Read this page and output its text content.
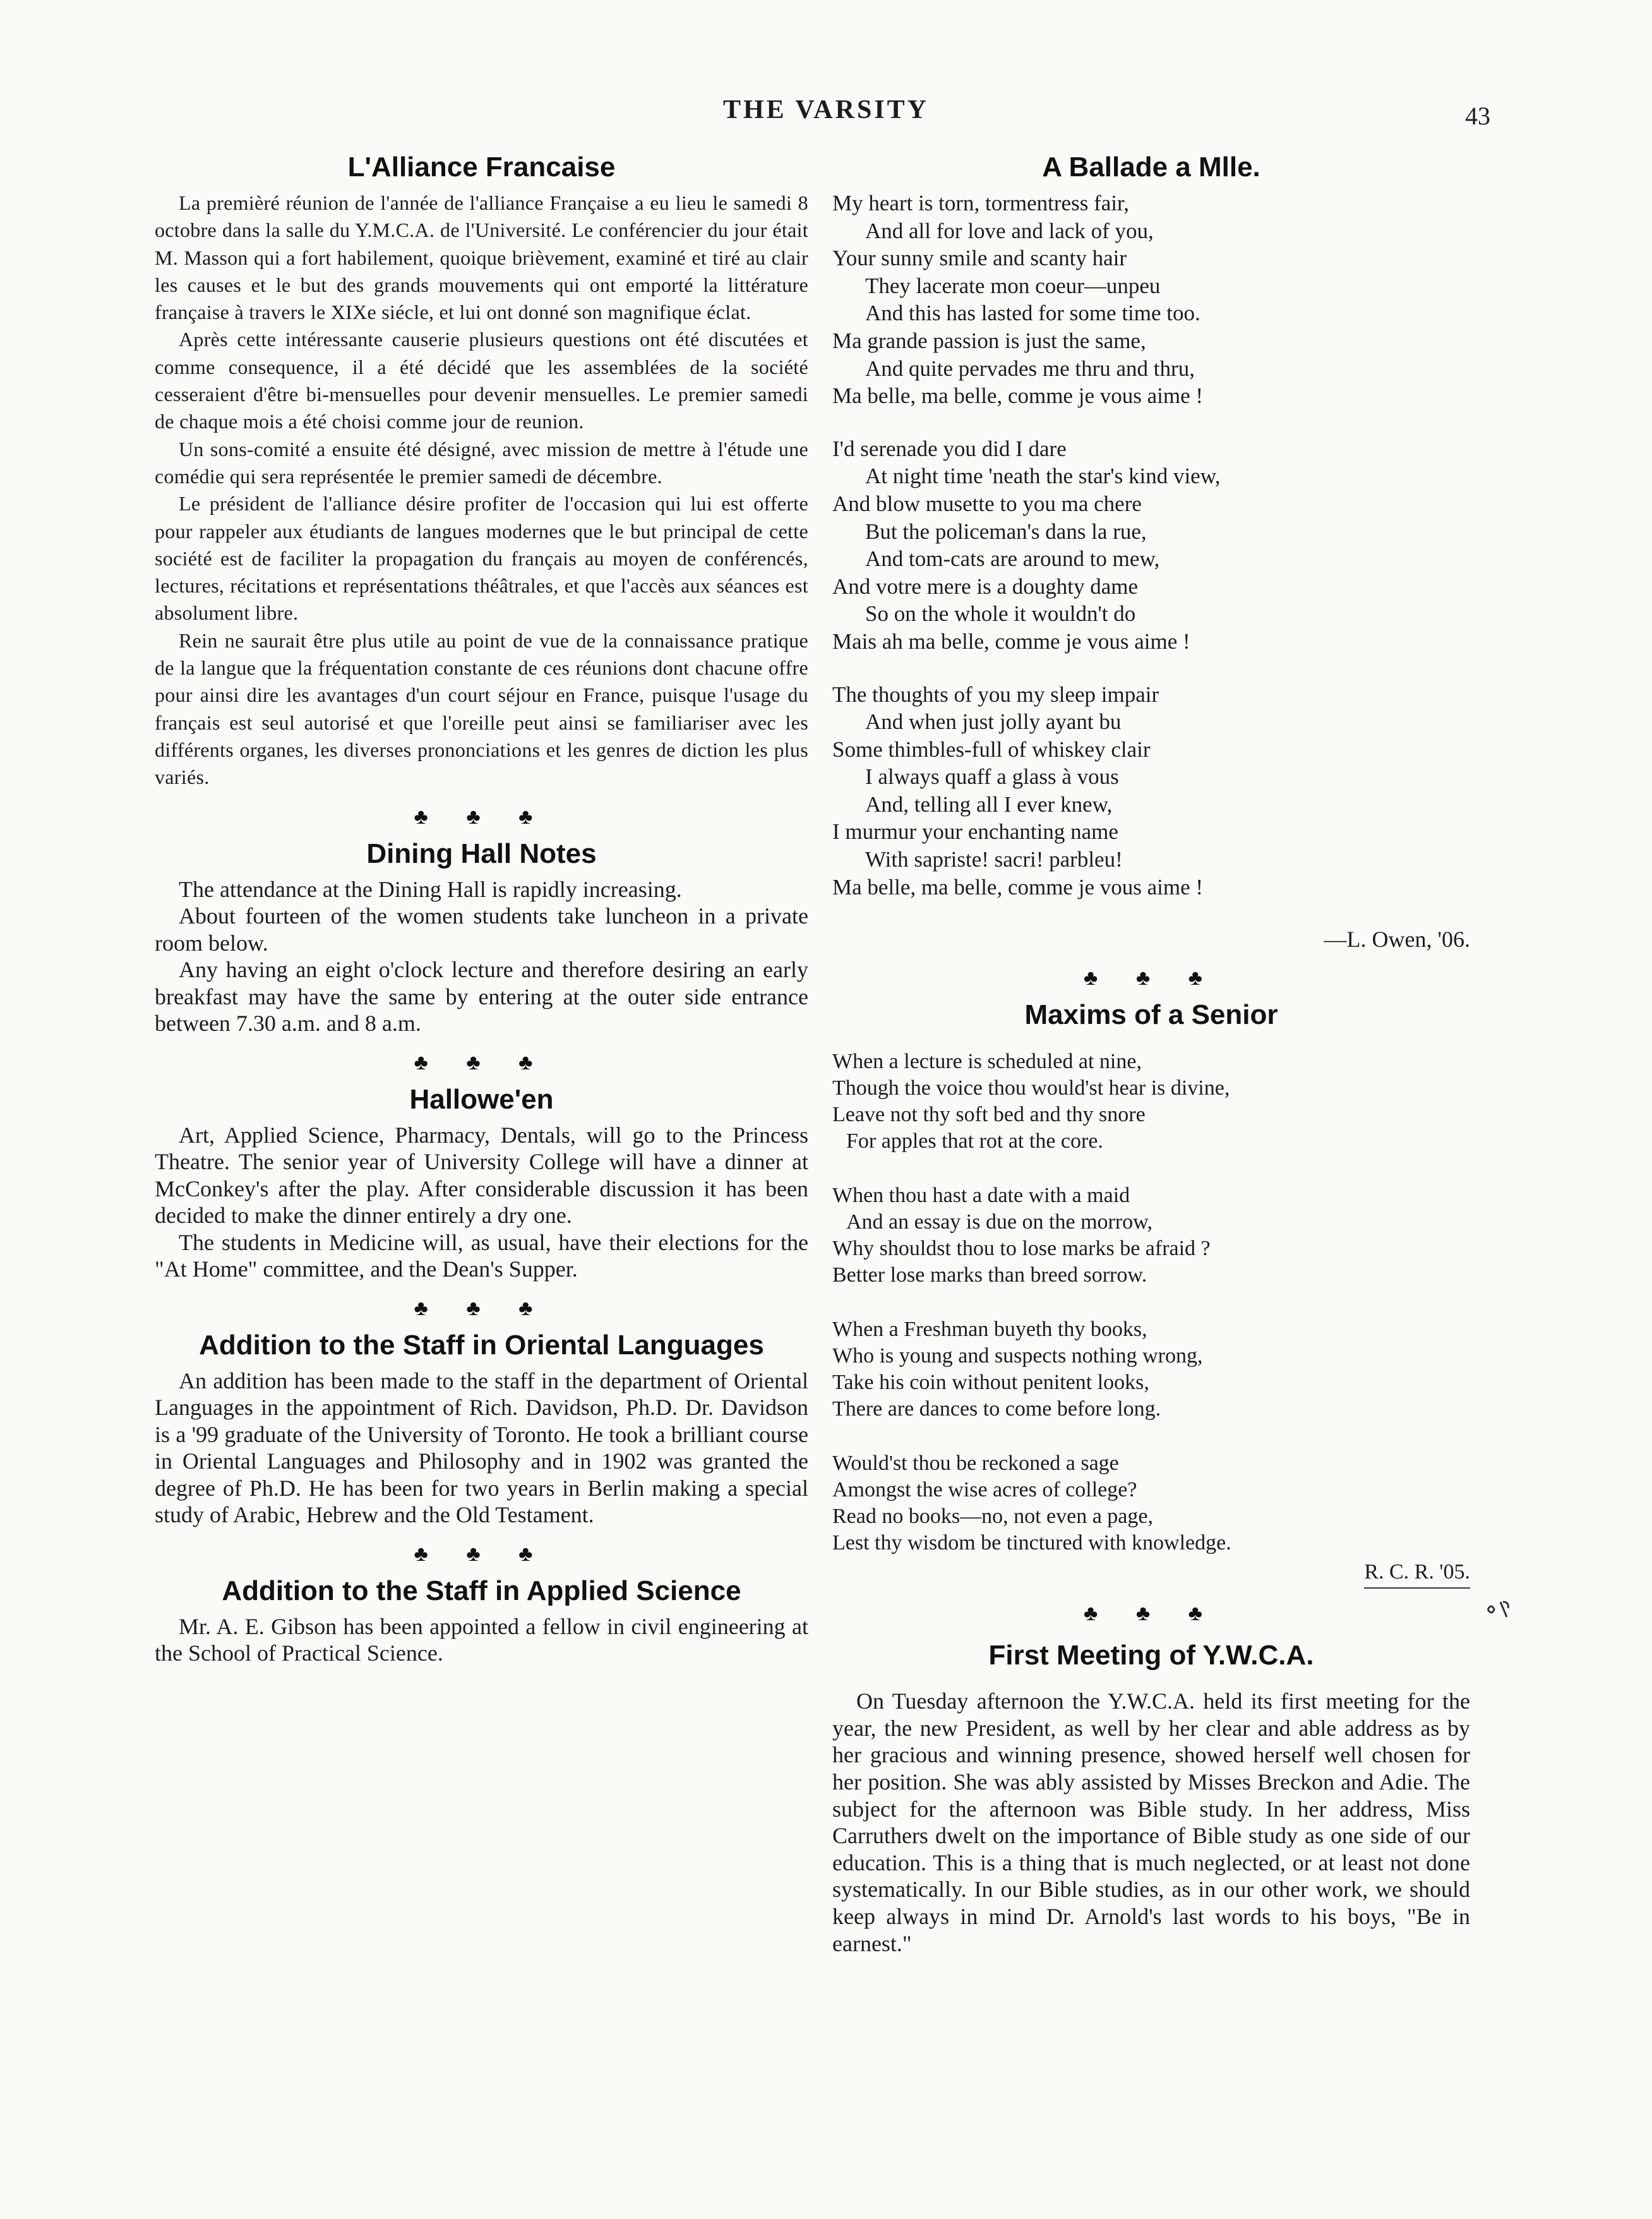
THE VARSITY	43
L'Alliance Francaise

La premièré réunion de l'année de l'alliance Française a eu lieu le samedi 8 octobre dans la salle du Y.M.C.A. de l'Université. Le conférencier du jour était M. Masson qui a fort habilement, quoique brièvement, examiné et tiré au clair les causes et le but des grands mouvements qui ont emporté la littérature française à travers le XIXe siécle, et lui ont donné son magnifique éclat.

Après cette intéressante causerie plusieurs questions ont été discutées et comme consequence, il a été décidé que les assemblées de la société cesseraient d'être bi-mensuelles pour devenir mensuelles. Le premier samedi de chaque mois a été choisi comme jour de reunion.

Un sons-comité a ensuite été désigné, avec mission de mettre à l'étude une comédie qui sera représentée le premier samedi de décembre.

Le président de l'alliance désire profiter de l'occasion qui lui est offerte pour rappeler aux étudiants de langues modernes que le but principal de cette société est de faciliter la propagation du français au moyen de conférencés, lectures, récitations et représentations théâtrales, et que l'accès aux séances est absolument libre.

Rein ne saurait être plus utile au point de vue de la connaissance pratique de la langue que la fréquentation constante de ces réunions dont chacune offre pour ainsi dire les avantages d'un court séjour en France, puisque l'usage du français est seul autorisé et que l'oreille peut ainsi se familiariser avec les différents organes, les diverses prononciations et les genres de diction les plus variés.

♣ ♣ ♣
Dining Hall Notes

The attendance at the Dining Hall is rapidly increasing.

About fourteen of the women students take luncheon in a private room below.

Any having an eight o'clock lecture and therefore desiring an early breakfast may have the same by entering at the outer side entrance between 7.30 a.m. and 8 a.m.

♣ ♣ ♣
Hallowe'en

Art, Applied Science, Pharmacy, Dentals, will go to the Princess Theatre. The senior year of University College will have a dinner at McConkey's after the play. After considerable discussion it has been decided to make the dinner entirely a dry one.

The students in Medicine will, as usual, have their elections for the "At Home" committee, and the Dean's Supper.

♣ ♣ ♣
Addition to the Staff in Oriental Languages

An addition has been made to the staff in the department of Oriental Languages in the appointment of Rich. Davidson, Ph.D. Dr. Davidson is a '99 graduate of the University of Toronto. He took a brilliant course in Oriental Languages and Philosophy and in 1902 was granted the degree of Ph.D. He has been for two years in Berlin making a special study of Arabic, Hebrew and the Old Testament.

♣ ♣ ♣
Addition to the Staff in Applied Science

Mr. A. E. Gibson has been appointed a fellow in civil engineering at the School of Practical Science.

A Ballade a Mlle.
My heart is torn, tormentress fair,
And all for love and lack of you,
Your sunny smile and scanty hair
They lacerate mon coeur—unpeu
And this has lasted for some time too.
Ma grande passion is just the same,
And quite pervades me thru and thru,
Ma belle, ma belle, comme je vous aime !
I'd serenade you did I dare
At night time 'neath the star's kind view,
And blow musette to you ma chere
But the policeman's dans la rue,
And tom-cats are around to mew,
And votre mere is a doughty dame
So on the whole it wouldn't do
Mais ah ma belle, comme je vous aime !
The thoughts of you my sleep impair
And when just jolly ayant bu
Some thimbles-full of whiskey clair
I always quaff a glass à vous
And, telling all I ever knew,
I murmur your enchanting name
With sapriste! sacri! parbleu!
Ma belle, ma belle, comme je vous aime !
—L. Owen, '06.
♣ ♣ ♣
Maxims of a Senior
When a lecture is scheduled at nine,
Though the voice thou would'st hear is divine,
Leave not thy soft bed and thy snore
For apples that rot at the core.
When thou hast a date with a maid
And an essay is due on the morrow,
Why shouldst thou to lose marks be afraid ?
Better lose marks than breed sorrow.
When a Freshman buyeth thy books,
Who is young and suspects nothing wrong,
Take his coin without penitent looks,
There are dances to come before long.
Would'st thou be reckoned a sage
Amongst the wise acres of college?
Read no books—no, not even a page,
Lest thy wisdom be tinctured with knowledge.
R. C. R. '05.
♣ ♣ ♣
First Meeting of Y.W.C.A.

On Tuesday afternoon the Y.W.C.A. held its first meeting for the year, the new President, as well by her clear and able address as by her gracious and winning presence, showed herself well chosen for her position. She was ably assisted by Misses Breckon and Adie. The subject for the afternoon was Bible study. In her address, Miss Carruthers dwelt on the importance of Bible study as one side of our education. This is a thing that is much neglected, or at least not done systematically. In our Bible studies, as in our other work, we should keep always in mind Dr. Arnold's last words to his boys, "Be in earnest."
